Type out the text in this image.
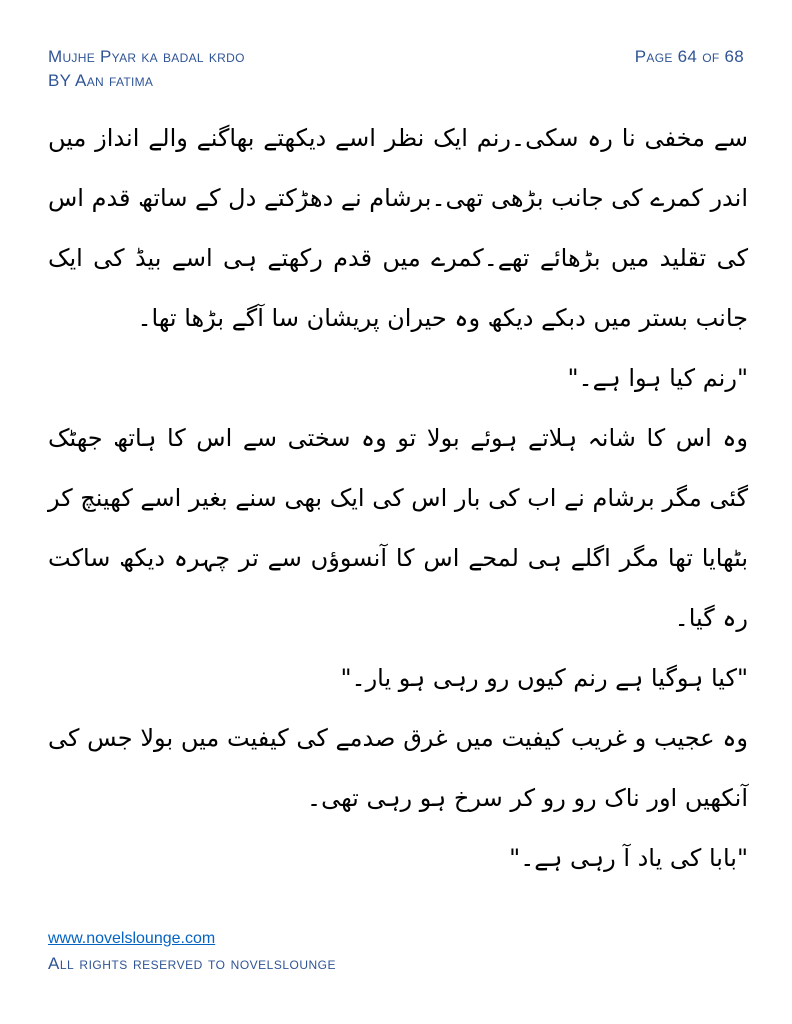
Mujhe Pyar ka badal krdo
BY Aan fatima
Page 64 of 68

سے مخفی نا رہ سکی۔رنم ایک نظر اسے دیکھتے بھاگنے والے انداز میں اندر کمرے کی جانب بڑھی تھی۔برشام نے دھڑکتے دل کے ساتھ قدم اس کی تقلید میں بڑھائے تھے۔کمرے میں قدم رکھتے ہی اسے بیڈ کی ایک جانب بستر میں دبکے دیکھ وہ حیران پریشان سا آگے بڑھا تھا۔

"رنم کیا ہوا ہے۔"

وہ اس کا شانہ ہلاتے ہوئے بولا تو وہ سختی سے اس کا ہاتھ جھٹک گئی مگر برشام نے اب کی بار اس کی ایک بھی سنے بغیر اسے کھینچ کر بٹھایا تھا مگر اگلے ہی لمحے اس کا آنسوؤں سے تر چہرہ دیکھ ساکت رہ گیا۔

"کیا ہوگیا ہے رنم کیوں رو رہی ہو یار۔"

وہ عجیب و غریب کیفیت میں غرق صدمے کی کیفیت میں بولا جس کی آنکھیں اور ناک رو رو کر سرخ ہو رہی تھی۔

"بابا کی یاد آ رہی ہے۔"

www.novelslounge.com
All rights reserved to novelslounge
